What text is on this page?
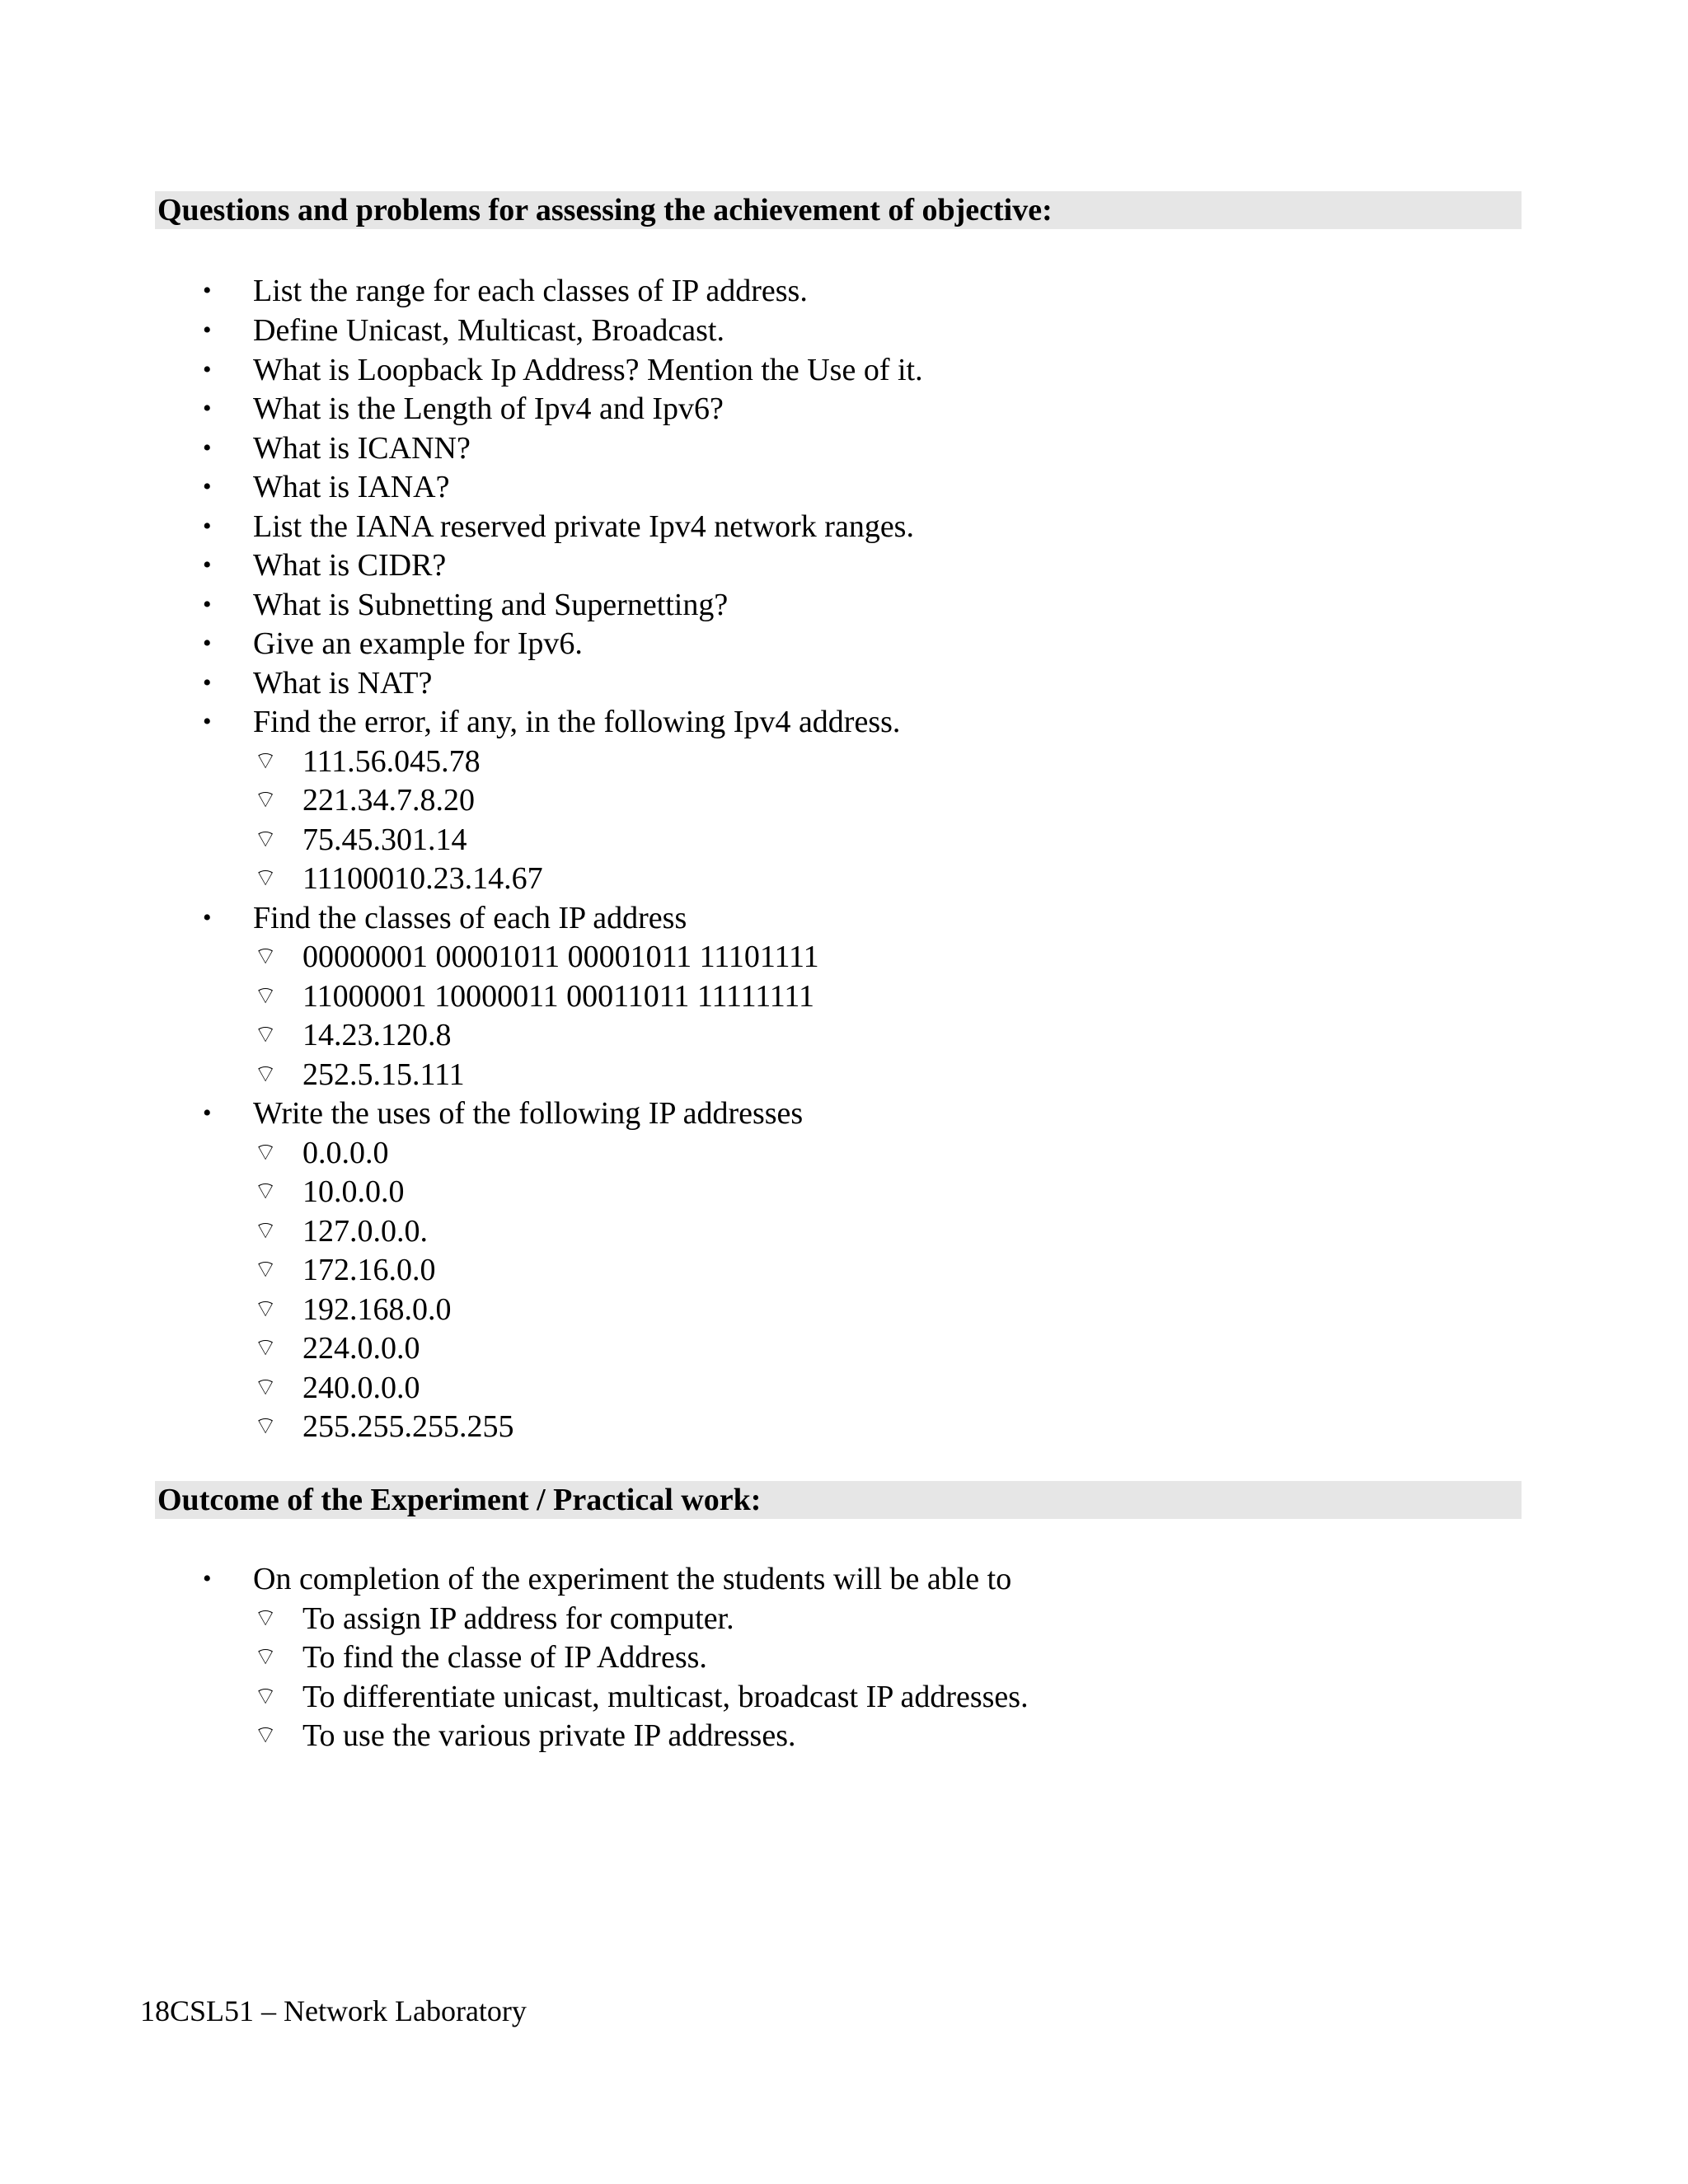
Questions and problems for assessing the achievement of objective:
• List the range for each classes of IP address.
• Define Unicast, Multicast, Broadcast.
• What is Loopback Ip Address? Mention the Use of it.
• What is the Length of Ipv4 and Ipv6?
• What is ICANN?
• What is IANA?
• List the IANA reserved private Ipv4 network ranges.
• What is CIDR?
• What is Subnetting and Supernetting?
• Give an example for Ipv6.
• What is NAT?
• Find the error, if any, in the following Ipv4 address.
⌔ 111.56.045.78
⌔ 221.34.7.8.20
⌔ 75.45.301.14
⌔ 11100010.23.14.67
• Find the classes of each IP address
⌔ 00000001 00001011 00001011 11101111
⌔ 11000001 10000011 00011011 11111111
⌔ 14.23.120.8
⌔ 252.5.15.111
• Write the uses of the following IP addresses
⌔ 0.0.0.0
⌔ 10.0.0.0
⌔ 127.0.0.0.
⌔ 172.16.0.0
⌔ 192.168.0.0
⌔ 224.0.0.0
⌔ 240.0.0.0
⌔ 255.255.255.255
Outcome of the Experiment / Practical work:
• On completion of the experiment the students will be able to
⌔ To assign IP address for computer.
⌔ To find the classe of IP Address.
⌔ To differentiate unicast, multicast, broadcast IP addresses.
⌔ To use the various private IP addresses.
18CSL51 – Network Laboratory
